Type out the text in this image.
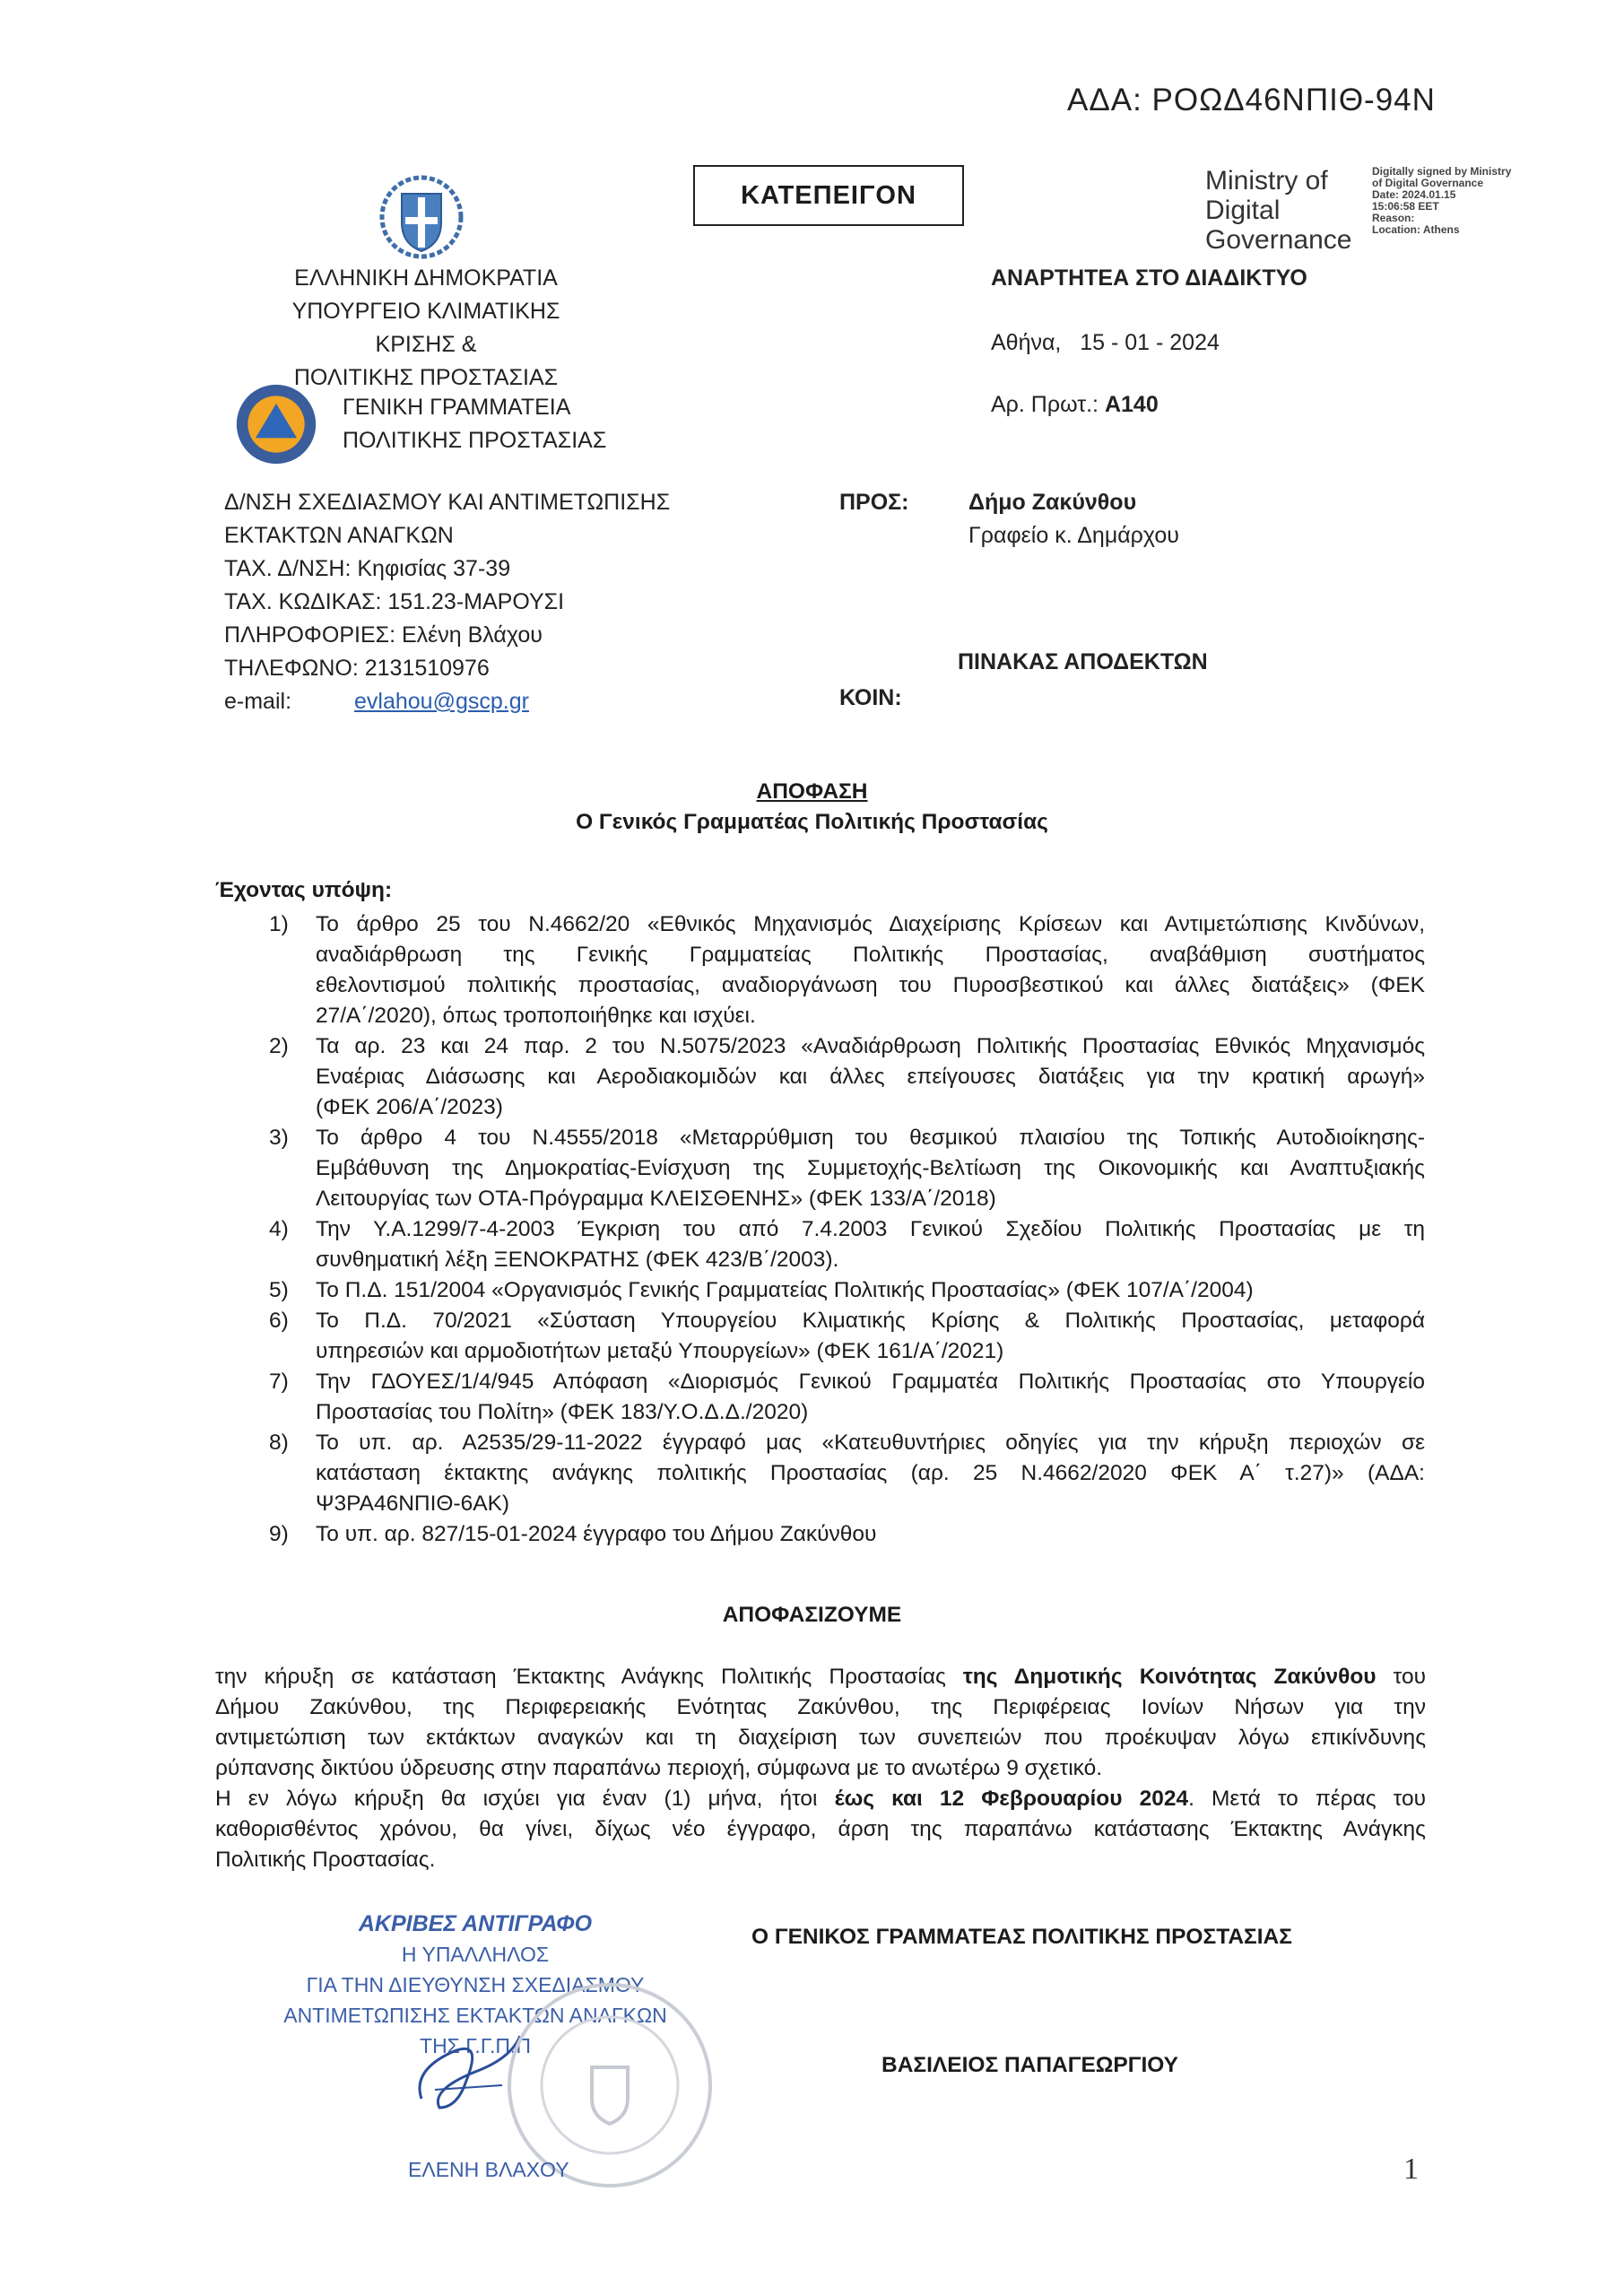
ΑΔΑ: ΡΟΩΔ46ΝΠΙΘ-94Ν
ΕΛΛΗΝΙΚΗ ΔΗΜΟΚΡΑΤΙΑ
ΥΠΟΥΡΓΕΙΟ ΚΛΙΜΑΤΙΚΗΣ ΚΡΙΣΗΣ &
ΠΟΛΙΤΙΚΗΣ ΠΡΟΣΤΑΣΙΑΣ
ΚΑΤΕΠΕΙΓΟΝ	Ministry of
Digital
Governance
Digitally signed by Ministry
of Digital Governance
Date: 2024.01.15
15:06:58 EET
Reason:
Location: Athens
ΑΝΑΡΤΗΤΕΑ ΣΤΟ ΔΙΑΔΙΚΤΥΟ
Αθήνα, 15 - 01 - 2024
Αρ. Πρωτ.: Α140
ΓΕΝΙΚΗ ΓΡΑΜΜΑΤΕΙΑ
ΠΟΛΙΤΙΚΗΣ ΠΡΟΣΤΑΣΙΑΣ
Δ/ΝΣΗ ΣΧΕΔΙΑΣΜΟΥ ΚΑΙ ΑΝΤΙΜΕΤΩΠΙΣΗΣ
ΕΚΤΑΚΤΩΝ ΑΝΑΓΚΩΝ
ΤΑΧ. Δ/ΝΣΗ: Κηφισίας 37-39
ΤΑΧ. ΚΩΔΙΚΑΣ: 151.23-ΜΑΡΟΥΣΙ
ΠΛΗΡΟΦΟΡΙΕΣ: Ελένη Βλάχου
ΤΗΛΕΦΩΝΟ: 2131510976
e-mail:	evlahou@gscp.gr
ΠΡΟΣ:	Δήμο Ζακύνθου
Γραφείο κ. Δημάρχου
ΠΙΝΑΚΑΣ ΑΠΟΔΕΚΤΩΝ
ΚΟΙΝ:
ΑΠΟΦΑΣΗ
Ο Γενικός Γραμματέας Πολιτικής Προστασίας
Έχοντας υπόψη:
1) Το άρθρο 25 του Ν.4662/20 «Εθνικός Μηχανισμός Διαχείρισης Κρίσεων και Αντιμετώπισης Κινδύνων,
αναδιάρθρωση της Γενικής Γραμματείας Πολιτικής Προστασίας, αναβάθμιση συστήματος
εθελοντισμού πολιτικής προστασίας, αναδιοργάνωση του Πυροσβεστικού και άλλες διατάξεις» (ΦΕΚ
27/Α΄/2020), όπως τροποποιήθηκε και ισχύει.
2) Τα αρ. 23 και 24 παρ. 2 του Ν.5075/2023 «Αναδιάρθρωση Πολιτικής Προστασίας Εθνικός Μηχανισμός
Εναέριας Διάσωσης και Αεροδιακομιδών και άλλες επείγουσες διατάξεις για την κρατική αρωγή»
(ΦΕΚ 206/Α΄/2023)
3) Το άρθρο 4 του Ν.4555/2018 «Μεταρρύθμιση του θεσμικού πλαισίου της Τοπικής Αυτοδιοίκησης-
Εμβάθυνση της Δημοκρατίας-Ενίσχυση της Συμμετοχής-Βελτίωση της Οικονομικής και Αναπτυξιακής
Λειτουργίας των ΟΤΑ-Πρόγραμμα ΚΛΕΙΣΘΕΝΗΣ» (ΦΕΚ 133/Α΄/2018)
4) Την Υ.Α.1299/7-4-2003 Έγκριση του από 7.4.2003 Γενικού Σχεδίου Πολιτικής Προστασίας με τη
συνθηματική λέξη ΞΕΝΟΚΡΑΤΗΣ (ΦΕΚ 423/Β΄/2003).
5) Το Π.Δ. 151/2004 «Οργανισμός Γενικής Γραμματείας Πολιτικής Προστασίας» (ΦΕΚ 107/Α΄/2004)
6) Το Π.Δ. 70/2021 «Σύσταση Υπουργείου Κλιματικής Κρίσης & Πολιτικής Προστασίας, μεταφορά
υπηρεσιών και αρμοδιοτήτων μεταξύ Υπουργείων» (ΦΕΚ 161/Α΄/2021)
7) Την ΓΔΟΥΕΣ/1/4/945 Απόφαση «Διορισμός Γενικού Γραμματέα Πολιτικής Προστασίας στο Υπουργείο
Προστασίας του Πολίτη» (ΦΕΚ 183/Υ.Ο.Δ.Δ./2020)
8) Το υπ. αρ. Α2535/29-11-2022 έγγραφό μας «Κατευθυντήριες οδηγίες για την κήρυξη περιοχών σε
κατάσταση έκτακτης ανάγκης πολιτικής Προστασίας (αρ. 25 Ν.4662/2020 ΦΕΚ Α΄ τ.27)» (ΑΔΑ:
Ψ3ΡΑ46ΝΠΙΘ-6ΑΚ)
9) Το υπ. αρ. 827/15-01-2024 έγγραφο του Δήμου Ζακύνθου
ΑΠΟΦΑΣΙΖΟΥΜΕ
την κήρυξη σε κατάσταση Έκτακτης Ανάγκης Πολιτικής Προστασίας της Δημοτικής Κοινότητας Ζακύνθου του
Δήμου Ζακύνθου, της Περιφερειακής Ενότητας Ζακύνθου, της Περιφέρειας Ιονίων Νήσων για την
αντιμετώπιση των εκτάκτων αναγκών και τη διαχείριση των συνεπειών που προέκυψαν λόγω επικίνδυνης
ρύπανσης δικτύου ύδρευσης στην παραπάνω περιοχή, σύμφωνα με το ανωτέρω 9 σχετικό.
Η εν λόγω κήρυξη θα ισχύει για έναν (1) μήνα, ήτοι έως και 12 Φεβρουαρίου 2024. Μετά το πέρας του
καθορισθέντος χρόνου, θα γίνει, δίχως νέο έγγραφο, άρση της παραπάνω κατάστασης Έκτακτης Ανάγκης
Πολιτικής Προστασίας.
ΑΚΡΙΒΕΣ ΑΝΤΙΓΡΑΦΟ
Η ΥΠΑΛΛΗΛΟΣ
ΓΙΑ ΤΗΝ ΔΙΕΥΘΥΝΣΗ ΣΧΕΔΙΑΣΜΟΥ
ΑΝΤΙΜΕΤΩΠΙΣΗΣ ΕΚΤΑΚΤΩΝ ΑΝΑΓΚΩΝ
ΤΗΣ Γ.Γ.Π.Π
ΕΛΕΝΗ ΒΛΑΧΟΥ
Ο ΓΕΝΙΚΟΣ ΓΡΑΜΜΑΤΕΑΣ ΠΟΛΙΤΙΚΗΣ ΠΡΟΣΤΑΣΙΑΣ
ΒΑΣΙΛΕΙΟΣ ΠΑΠΑΓΕΩΡΓΙΟΥ
1
